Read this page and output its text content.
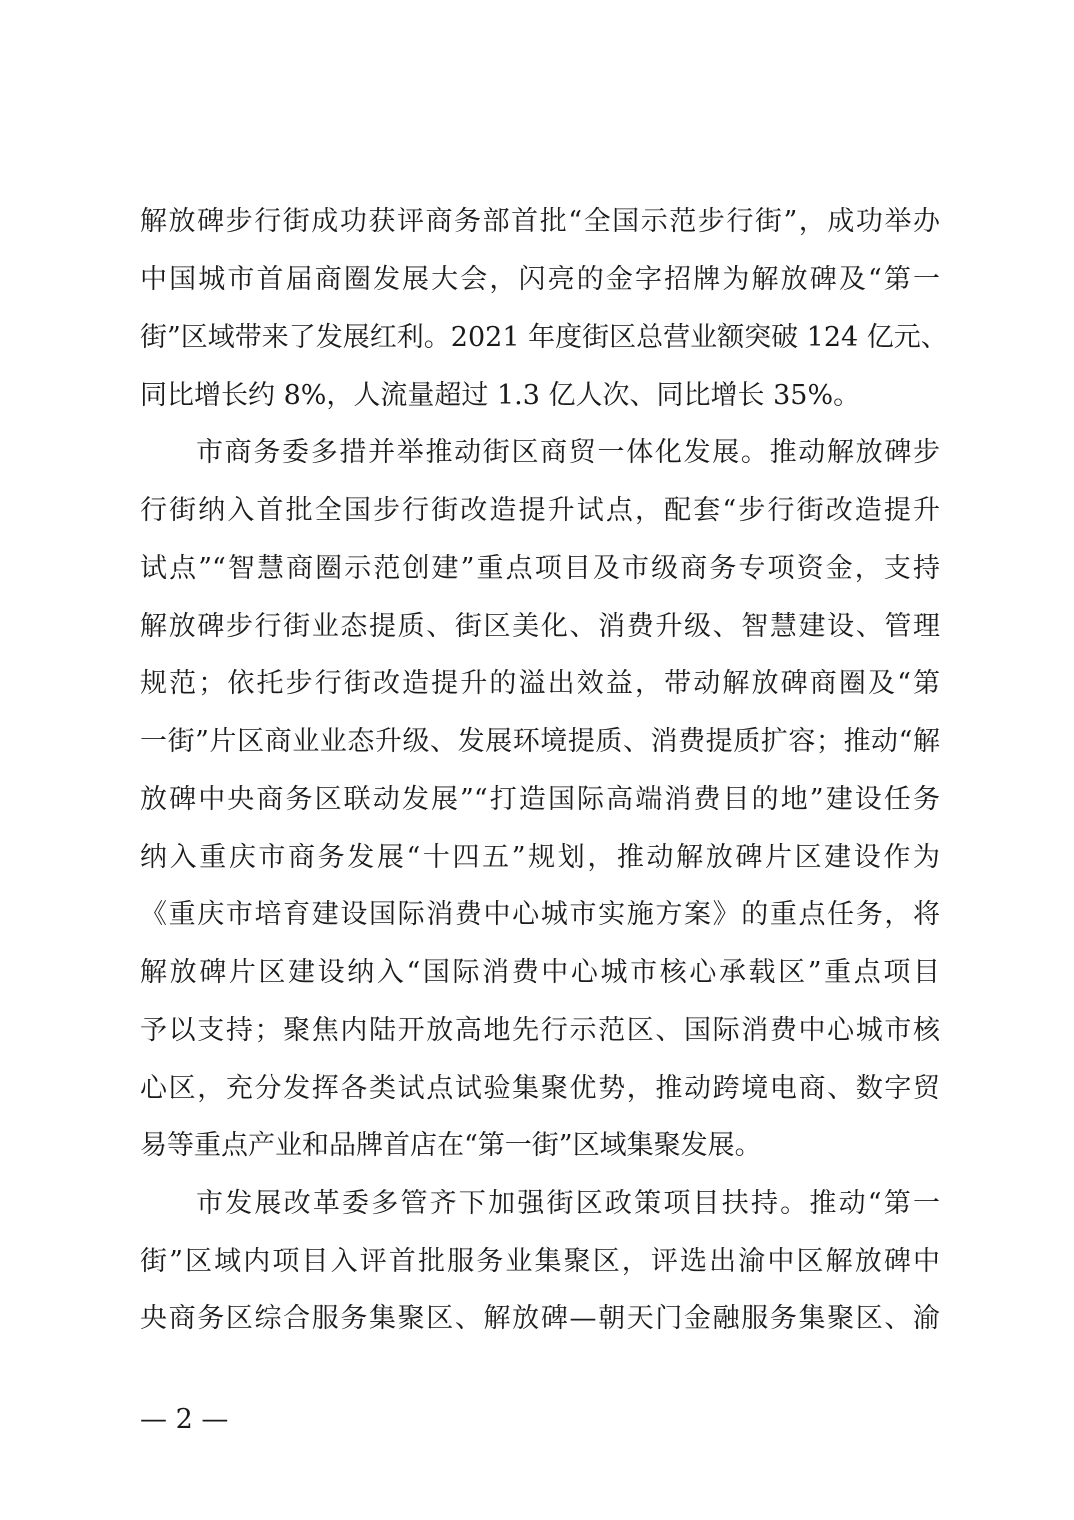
解放碑步行街成功获评商务部首批“全国示范步行街”，成功举办
中国城市首届商圈发展大会，闪亮的金字招牌为解放碑及“第一
街”区域带来了发展红利。2021 年度街区总营业额突破 124 亿元、
同比增长约 8%，人流量超过 1.3 亿人次、同比增长 35%。
市商务委多措并举推动街区商贸一体化发展。推动解放碑步
行街纳入首批全国步行街改造提升试点，配套“步行街改造提升
试点”“智慧商圈示范创建”重点项目及市级商务专项资金，支持
解放碑步行街业态提质、街区美化、消费升级、智慧建设、管理
规范；依托步行街改造提升的溢出效益，带动解放碑商圈及“第
一街”片区商业业态升级、发展环境提质、消费提质扩容；推动“解
放碑中央商务区联动发展”“打造国际高端消费目的地”建设任务
纳入重庆市商务发展“十四五”规划，推动解放碑片区建设作为
《重庆市培育建设国际消费中心城市实施方案》的重点任务，将
解放碑片区建设纳入“国际消费中心城市核心承载区”重点项目
予以支持；聚焦内陆开放高地先行示范区、国际消费中心城市核
心区，充分发挥各类试点试验集聚优势，推动跨境电商、数字贸
易等重点产业和品牌首店在“第一街”区域集聚发展。
市发展改革委多管齐下加强街区政策项目扶持。推动“第一
街”区域内项目入评首批服务业集聚区，评选出渝中区解放碑中
央商务区综合服务集聚区、解放碑—朝天门金融服务集聚区、渝
— 2 —
